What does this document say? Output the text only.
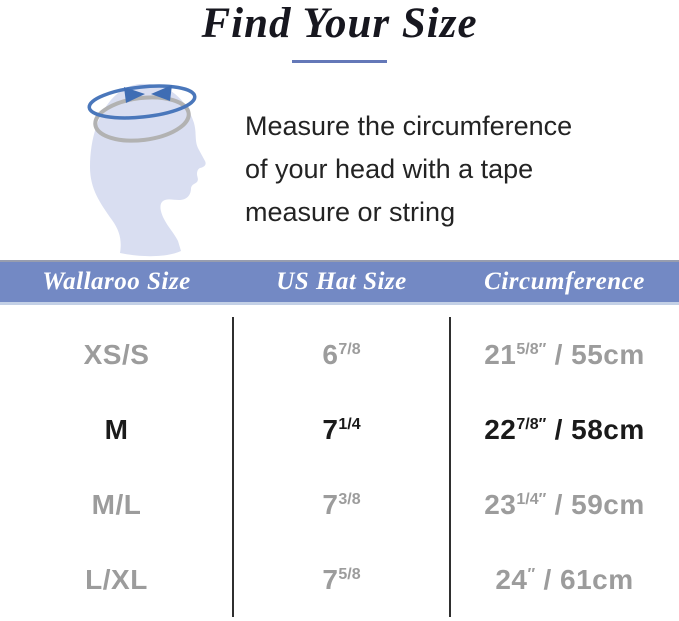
Find Your Size

Measure the circumference of your head with a tape measure or string

Wallaroo Size	US Hat Size	Circumference
XS/S	$6^{7/8}$	$21^{5/8''} / 55cm$
M	$7^{1/4}$	$22^{7/8''} / 58cm$
M/L	$7^{3/8}$	$23^{1/4''} / 59cm$
L/XL	$7^{5/8}$	24″ / 61cm
